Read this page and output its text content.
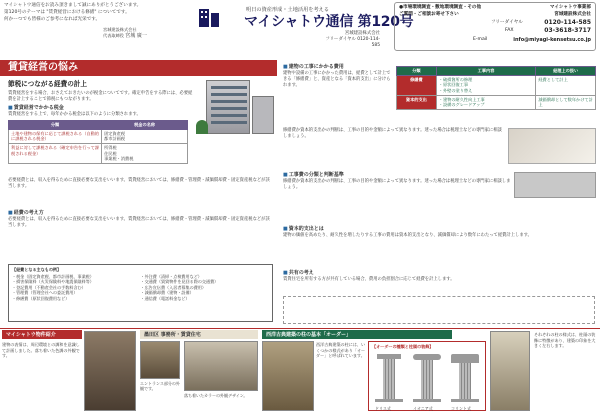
マイシャトウ通信をお読み頂きまして誠にありがとうございます。

第120号のテーマは "賃貸経営における修繕" についてです。

何かーつでも皆様のご参考になれば光栄です。

宮城建設株式会社
代表取締役 宮城 廣一
明日の資産形成・土地活用を考える
マイシャトウ通信 第120号
宮城建設株式会社
フリーダイヤル 0120-114-585
●市場環境調査・敷地環境調査・その他
ご質問・ご相談お寄せ下さい
マイシャトウ事業部
宮城建設株式会社
フリーダイヤル	0120-114-585
FAX	03-3618-3717
E-mail	info@miyagi-kensetsu.co.jp
賃貸経営の悩み
節税につながる経費の計上
賃貸経営をする場合、おさえておきたいのが税金についてです。確定申告をする際には、必要経費を計上することで節税にもつながります。
■ 賃貸経営でかかる税金
賃貸経営をする上で、毎年かかる税金は以下のように分類されます。
分類	税金の名称
土地や建物の保有に応じて課税される（自動的に課税される税金）	固定資産税
都市計画税
利益に対して課税される（確定申告を行って課税される税金）	所得税
住民税
事業税・消費税
必要経費とは、収入を得るために直接必要な支出をいいます。賃貸経営においては、修繕費・管理費・減価償却費・固定資産税などが該当します。
■ 経費の考え方
必要経費とは、収入を得るために直接必要な支出をいいます。賃貸経営においては、修繕費・管理費・減価償却費・固定資産税などが該当します。
【経費となる主なもの例】
・税金（固定資産税、都市計画税、事業税）
・損害保険料（火災保険料や地震保険料等）
・登記費用（不動産会社の手数料含む）
・管理費（管理会社への委託費用）
・修繕費（原状回復費用など）
・外注費（清掃・点検費用など）
・交通費（賃貸物件を見回る際の交通費）
・広告宣伝費（入居者募集の費用）
・減価償却費（建物・設備）
・通信費（電話料金など）
■ 建物の工事にかかる費用
建物や設備の工事にかかった費用は、経費として計上できる「修繕費」と、資産となる「資本的支出」に分けられます。
分類	工事内容	経理上の扱い
修繕費	・破損箇所の修理
・原状回復工事
・外壁の塗り替え	経費として計上
資本的支出	・建物の耐久性向上工事
・設備のグレードアップ	減価償却として数年かけて計上
修繕費か資本的支出かの判断は、工事の目的や金額によって異なります。迷った場合は税理士などの専門家に相談しましょう。
■ 工事費の分類と判断基準
修繕費か資本的支出かの判断は、工事の目的や金額によって異なります。迷った場合は税理士などの専門家に相談しましょう。
■ 資本的支出とは
建物の価値を高めたり、耐久性を増したりする工事の費用は資本的支出となり、減価償却により数年にわたって経費計上します。
■ 共有の考え
賃貸住宅を所有する方が共有している場合、費用の負担割合に応じて経費を計上します。
マイシャトウ物件紹介
建物の表情は、周辺環境との調和を意識して計画しました。落ち着いた色調の外観です。
墨田区 事務所・賃貸住宅
エントランス部分の外観です。
落ち着いたカラーの外観デザイン。
西洋古典建築の柱の基本「オーダー」
西洋古典建築の柱には、いくつかの様式があり「オーダー」と呼ばれています。
【オーダーの種類と柱頭の装飾】
ドリス式	イオニア式	コリント式
それぞれの柱の様式は、柱頭の装飾に特徴があり、建築の印象を大きく左右します。
